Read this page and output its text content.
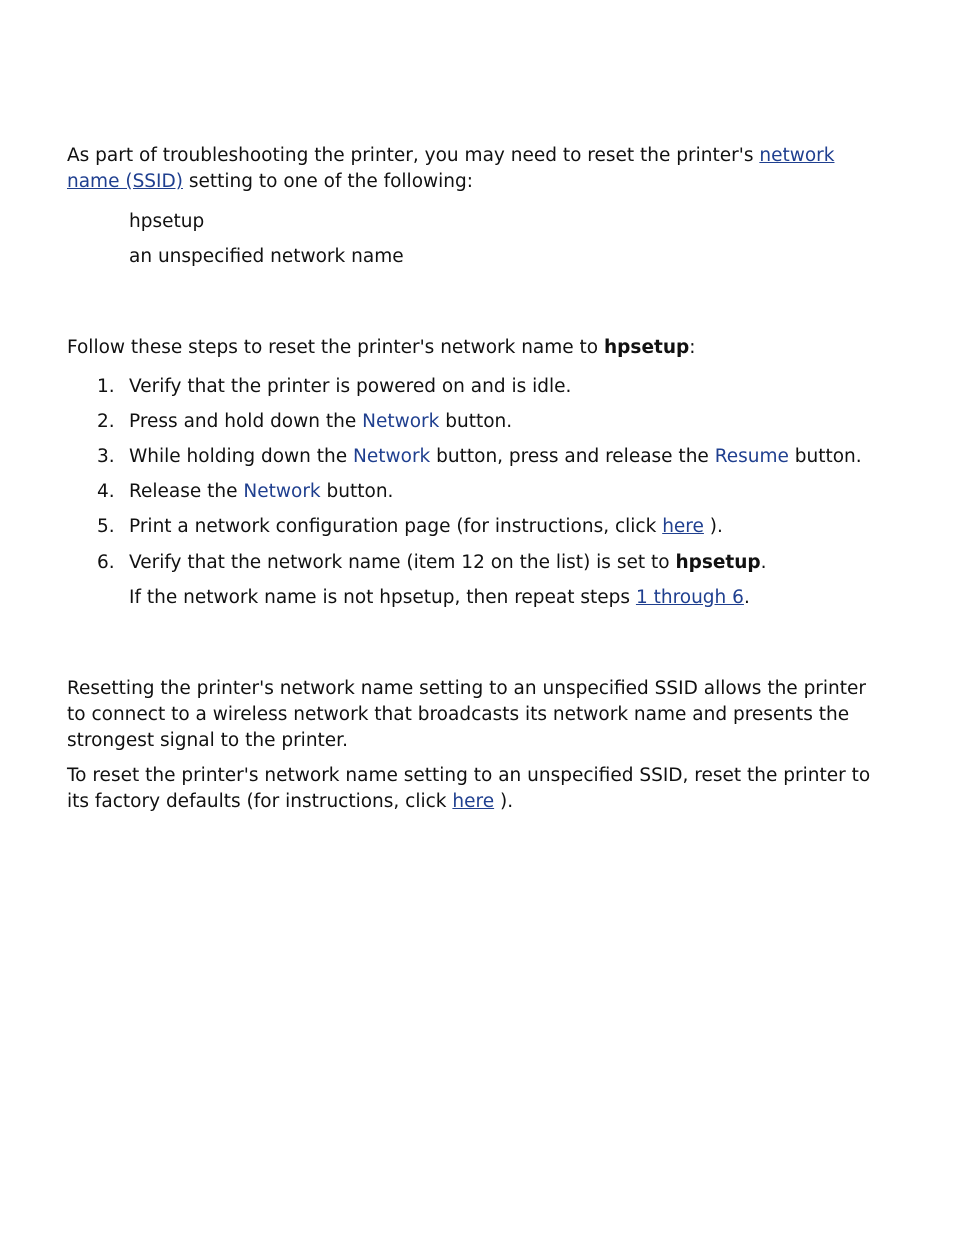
As part of troubleshooting the printer, you may need to reset the printer's network name (SSID) setting to one of the following:

hpsetup
an unspecified network name

Follow these steps to reset the printer's network name to hpsetup:

1. Verify that the printer is powered on and is idle.
2. Press and hold down the Network button.
3. While holding down the Network button, press and release the Resume button.
4. Release the Network button.
5. Print a network configuration page (for instructions, click here ).
6. Verify that the network name (item 12 on the list) is set to hpsetup.

If the network name is not hpsetup, then repeat steps 1 through 6.

Resetting the printer's network name setting to an unspecified SSID allows the printer to connect to a wireless network that broadcasts its network name and presents the strongest signal to the printer.

To reset the printer's network name setting to an unspecified SSID, reset the printer to its factory defaults (for instructions, click here ).
